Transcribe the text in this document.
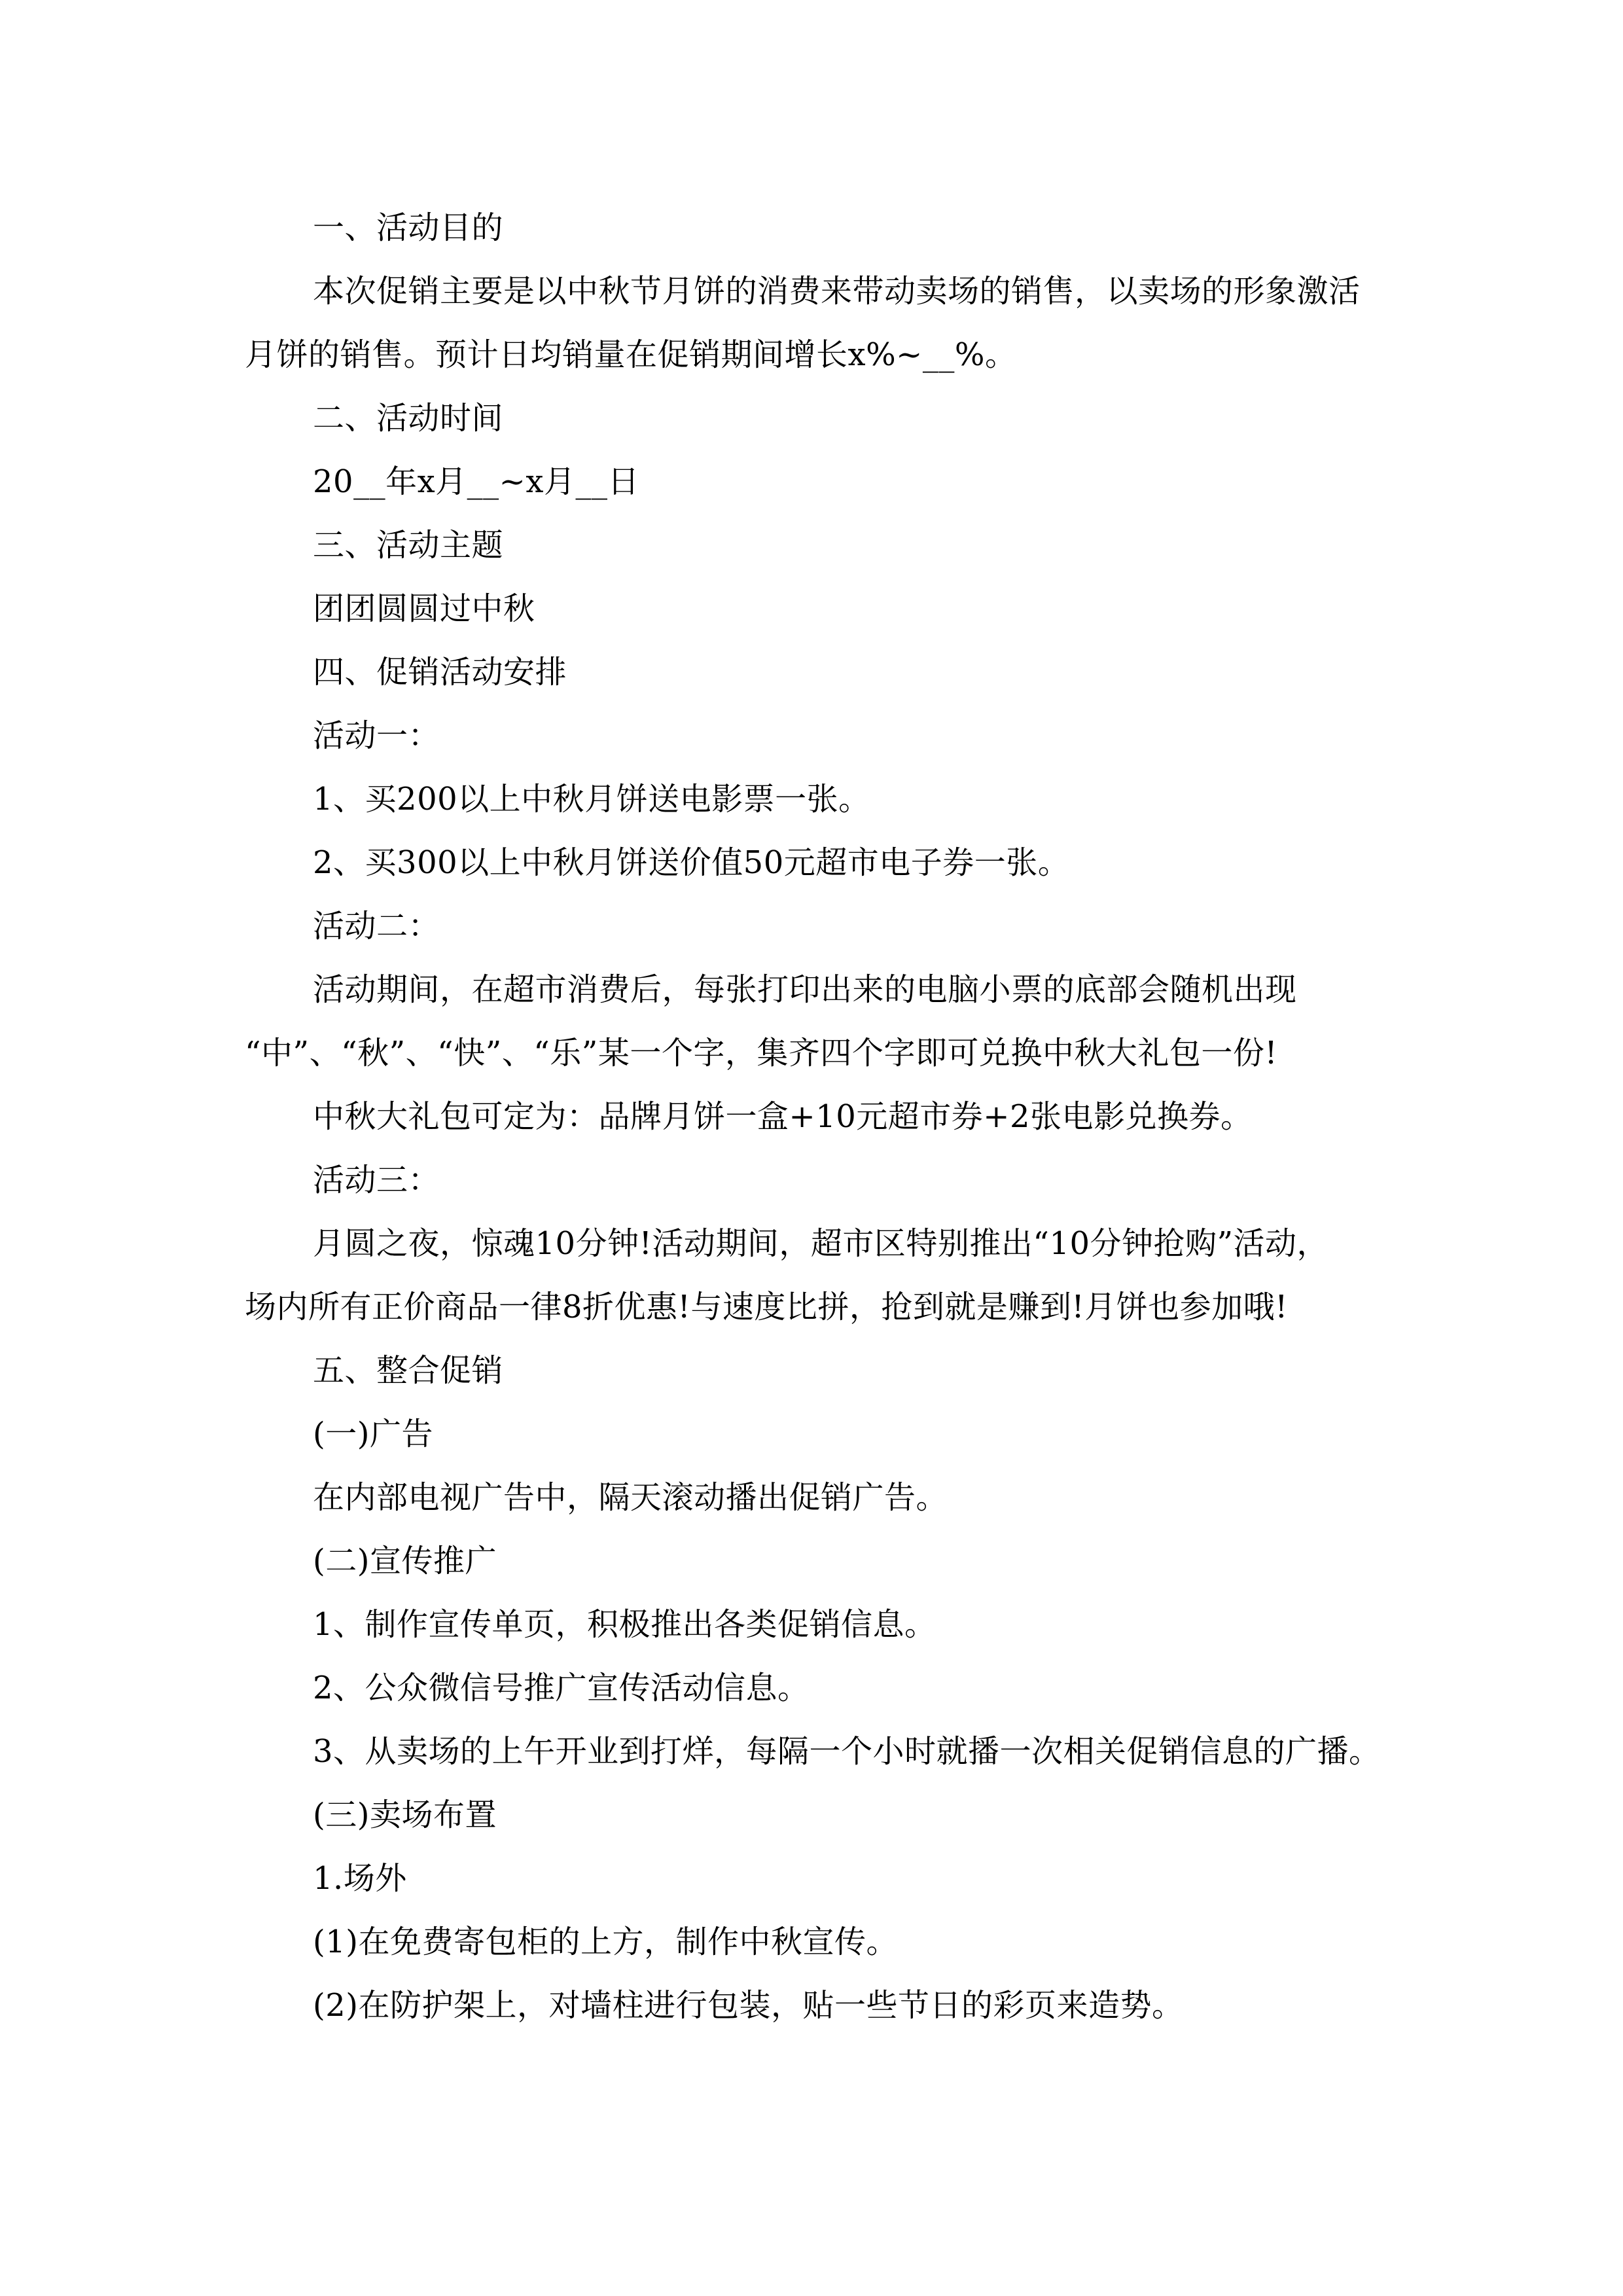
一、活动目的
本次促销主要是以中秋节月饼的消费来带动卖场的销售，以卖场的形象激活
月饼的销售。预计日均销量在促销期间增长x%~__%。
二、活动时间
20__年x月__~x月__日
三、活动主题
团团圆圆过中秋
四、促销活动安排
活动一：
1、买200以上中秋月饼送电影票一张。
2、买300以上中秋月饼送价值50元超市电子券一张。
活动二：
活动期间，在超市消费后，每张打印出来的电脑小票的底部会随机出现
“中”、“秋”、“快”、“乐”某一个字，集齐四个字即可兑换中秋大礼包一份!
中秋大礼包可定为：品牌月饼一盒+10元超市券+2张电影兑换券。
活动三：
月圆之夜，惊魂10分钟!活动期间，超市区特别推出“10分钟抢购”活动，
场内所有正价商品一律8折优惠!与速度比拼，抢到就是赚到!月饼也参加哦!
五、整合促销
(一)广告
在内部电视广告中，隔天滚动播出促销广告。
(二)宣传推广
1、制作宣传单页，积极推出各类促销信息。
2、公众微信号推广宣传活动信息。
3、从卖场的上午开业到打烊，每隔一个小时就播一次相关促销信息的广播。
(三)卖场布置
1.场外
(1)在免费寄包柜的上方，制作中秋宣传。
(2)在防护架上，对墙柱进行包装，贴一些节日的彩页来造势。
